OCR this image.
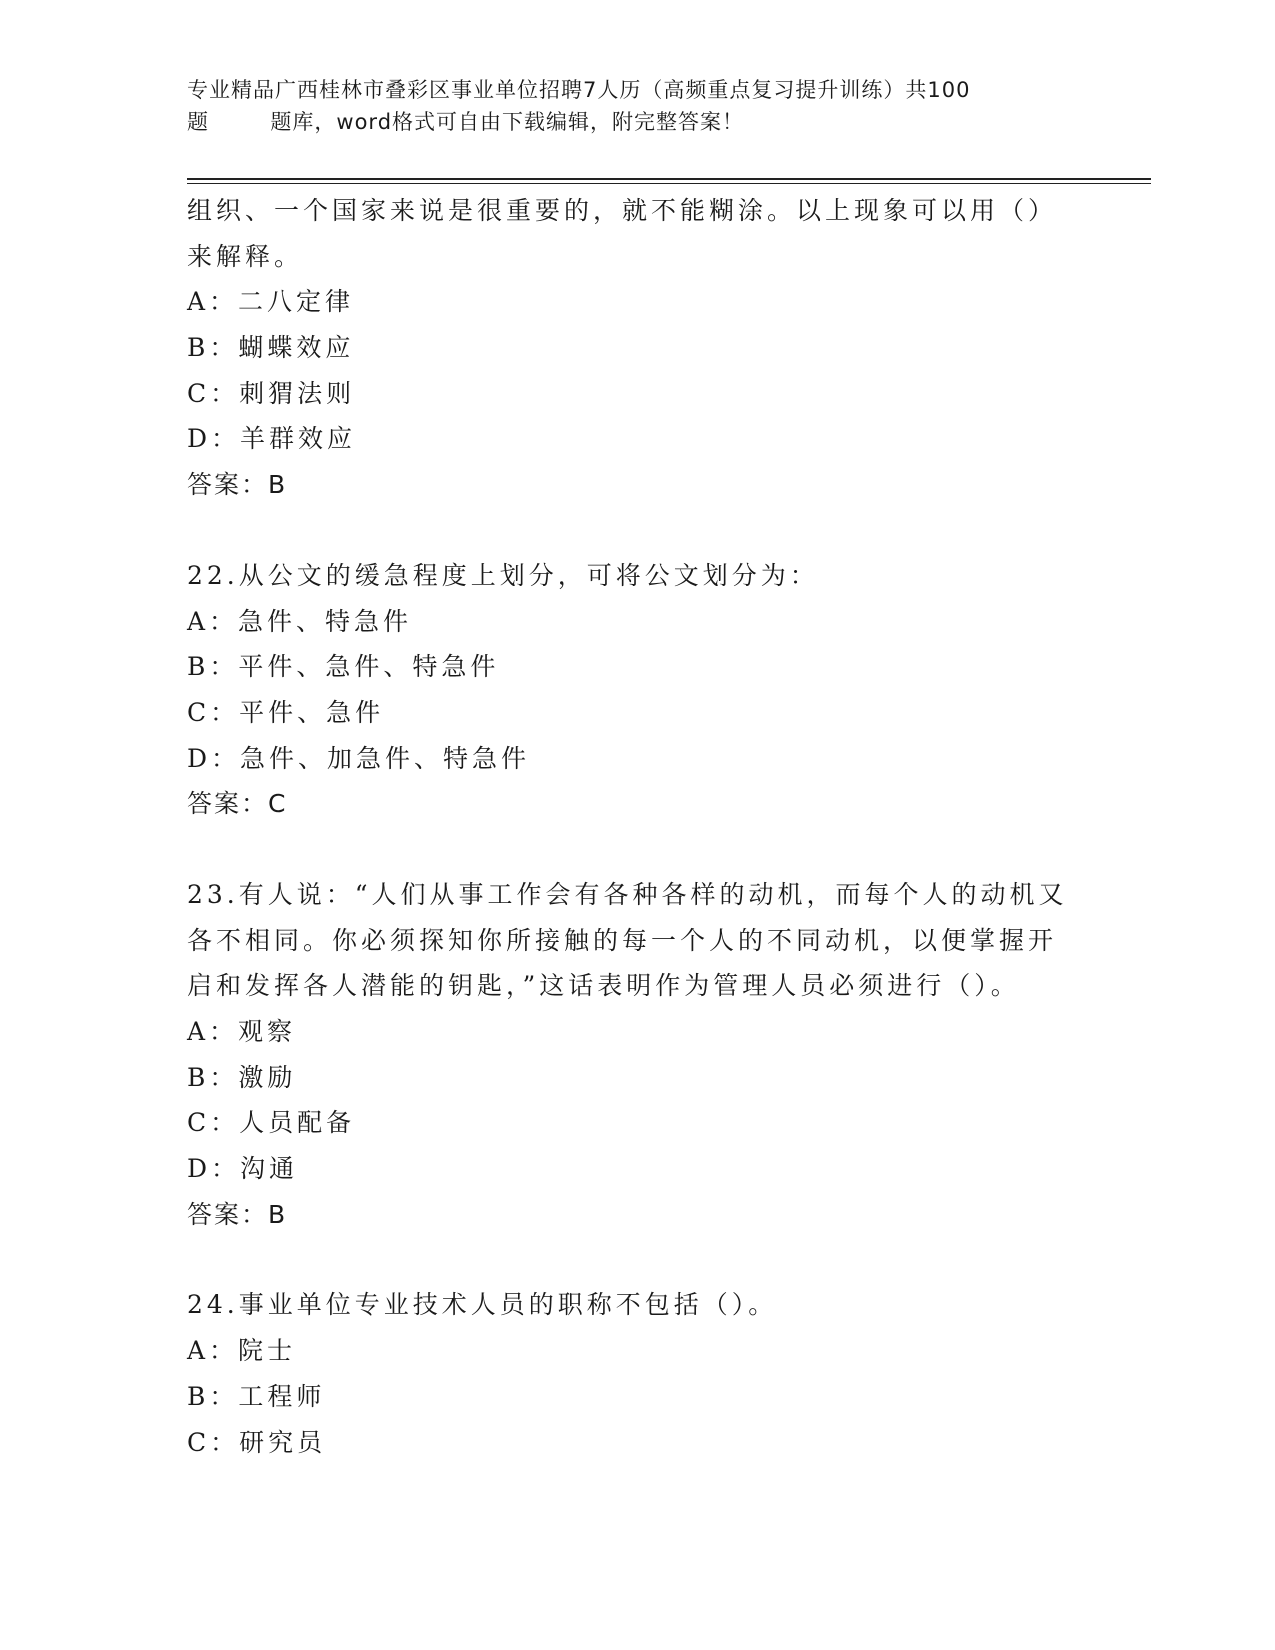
专业精品广西桂林市叠彩区事业单位招聘7人历（高频重点复习提升训练）共100
题        题库，word格式可自由下载编辑，附完整答案！
组织、一个国家来说是很重要的，就不能糊涂。以上现象可以用（）
来解释。
A：二八定律
B：蝴蝶效应
C：刺猬法则
D：羊群效应
答案：B
22.从公文的缓急程度上划分，可将公文划分为：
A：急件、特急件
B：平件、急件、特急件
C：平件、急件
D：急件、加急件、特急件
答案：C
23.有人说：“人们从事工作会有各种各样的动机，而每个人的动机又
各不相同。你必须探知你所接触的每一个人的不同动机，以便掌握开
启和发挥各人潜能的钥匙，”这话表明作为管理人员必须进行（）。
A：观察
B：激励
C：人员配备
D：沟通
答案：B
24.事业单位专业技术人员的职称不包括（）。
A：院士
B：工程师
C：研究员
